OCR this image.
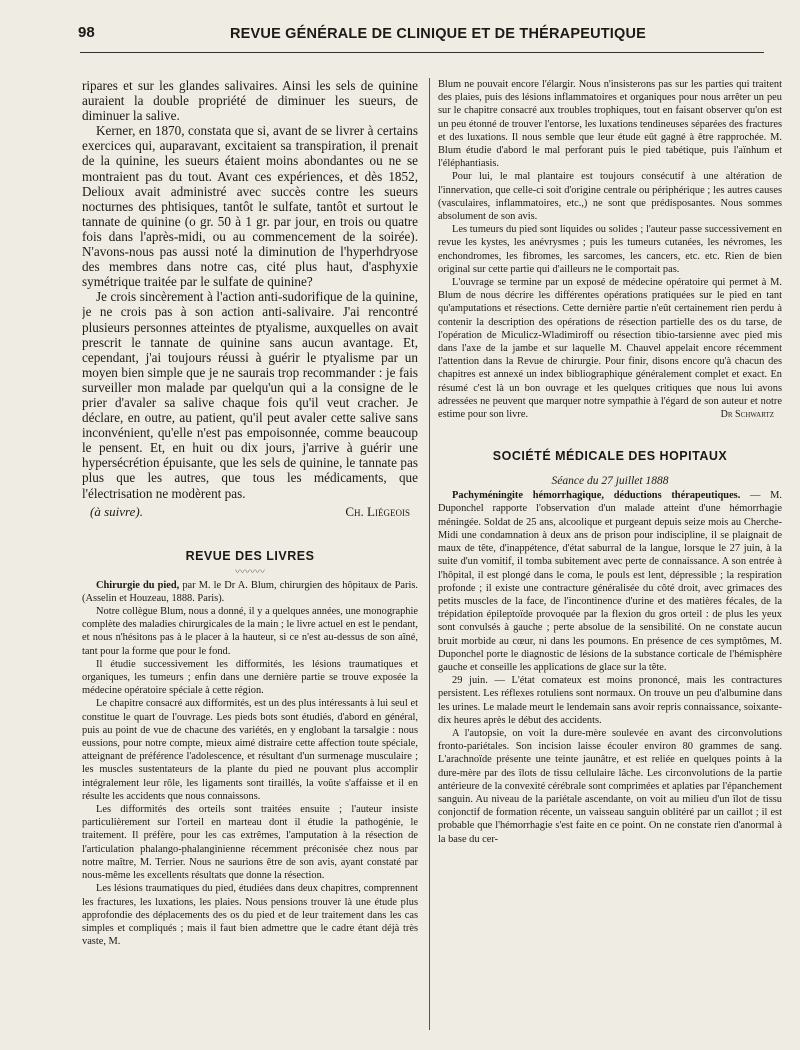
98	REVUE GÉNÉRALE DE CLINIQUE ET DE THÉRAPEUTIQUE

ripares et sur les glandes salivaires. Ainsi les sels de quinine auraient la double propriété de diminuer les sueurs, de diminuer la salive.

Kerner, en 1870, constata que si, avant de se livrer à certains exercices qui, auparavant, excitaient sa transpiration, il prenait de la quinine, les sueurs étaient moins abondantes ou ne se montraient pas du tout. Avant ces expériences, et dès 1852, Delioux avait administré avec succès contre les sueurs nocturnes des phtisiques, tantôt le sulfate, tantôt et surtout le tannate de quinine (o gr. 50 à 1 gr. par jour, en trois ou quatre fois dans l'après-midi, ou au commencement de la soirée). N'avons-nous pas aussi noté la diminution de l'hyperhdryose des membres dans notre cas, cité plus haut, d'asphyxie symétrique traitée par le sulfate de quinine?

Je crois sincèrement à l'action anti-sudorifique de la quinine, je ne crois pas à son action anti-salivaire. J'ai rencontré plusieurs personnes atteintes de ptyalisme, auxquelles on avait prescrit le tannate de quinine sans aucun avantage. Et, cependant, j'ai toujours réussi à guérir le ptyalisme par un moyen bien simple que je ne saurais trop recommander : je fais surveiller mon malade par quelqu'un qui a la consigne de le prier d'avaler sa salive chaque fois qu'il veut cracher. Je déclare, en outre, au patient, qu'il peut avaler cette salive sans inconvénient, qu'elle n'est pas empoisonnée, comme beaucoup le pensent. Et, en huit ou dix jours, j'arrive à guérir une hypersécrétion épuisante, que les sels de quinine, le tannate pas plus que les autres, que tous les médicaments, que l'électrisation ne modèrent pas.

(à suivre).	Ch. Liégeois
REVUE DES LIVRES
〰〰〰

Chirurgie du pied, par M. le Dr A. Blum, chirurgien des hôpitaux de Paris. (Asselin et Houzeau, 1888. Paris).

Notre collègue Blum, nous a donné, il y a quelques années, une monographie complète des maladies chirurgicales de la main ; le livre actuel en est le pendant, et nous n'hésitons pas à le placer à la hauteur, si ce n'est au-dessus de son aîné, tant pour la forme que pour le fond.

Il étudie successivement les difformités, les lésions traumatiques et organiques, les tumeurs ; enfin dans une dernière partie se trouve exposée la médecine opératoire spéciale à cette région.

Le chapitre consacré aux difformités, est un des plus intéressants à lui seul et constitue le quart de l'ouvrage. Les pieds bots sont étudiés, d'abord en général, puis au point de vue de chacune des variétés, en y englobant la tarsalgie : nous eussions, pour notre compte, mieux aimé distraire cette affection toute spéciale, atteignant de préférence l'adolescence, et résultant d'un surmenage musculaire ; les muscles sustentateurs de la plante du pied ne pouvant plus accomplir intégralement leur rôle, les ligaments sont tiraillés, la voûte s'affaisse et il en résulte les accidents que nous connaissons.

Les difformités des orteils sont traitées ensuite ; l'auteur insiste particulièrement sur l'orteil en marteau dont il étudie la pathogénie, le traitement. Il préfère, pour les cas extrêmes, l'amputation à la résection de l'articulation phalango-phalanginienne récemment préconisée chez nous par notre maître, M. Terrier. Nous ne saurions être de son avis, ayant constaté par nous-même les excellents résultats que donne la résection.

Les lésions traumatiques du pied, étudiées dans deux chapitres, comprennent les fractures, les luxations, les plaies. Nous pensions trouver là une étude plus approfondie des déplacements des os du pied et de leur traitement dans les cas simples et compliqués ; mais il faut bien admettre que le cadre étant déjà très vaste, M.

Blum ne pouvait encore l'élargir. Nous n'insisterons pas sur les parties qui traitent des plaies, puis des lésions inflammatoires et organiques pour nous arrêter un peu sur le chapitre consacré aux troubles trophiques, tout en faisant observer qu'on est un peu étonné de trouver l'entorse, les luxations tendineuses séparées des fractures et des luxations. Il nous semble que leur étude eût gagné à être rapprochée. M. Blum étudie d'abord le mal perforant puis le pied tabétique, puis l'aïnhum et l'éléphantiasis.

Pour lui, le mal plantaire est toujours consécutif à une altération de l'innervation, que celle-ci soit d'origine centrale ou périphérique ; les autres causes (vasculaires, inflammatoires, etc.,) ne sont que prédisposantes. Nous sommes absolument de son avis.

Les tumeurs du pied sont liquides ou solides ; l'auteur passe successivement en revue les kystes, les anévrysmes ; puis les tumeurs cutanées, les névromes, les enchondromes, les fibromes, les sarcomes, les cancers, etc. etc. Rien de bien original sur cette partie qui d'ailleurs ne le comportait pas.

L'ouvrage se termine par un exposé de médecine opératoire qui permet à M. Blum de nous décrire les différentes opérations pratiquées sur le pied en tant qu'amputations et résections. Cette dernière partie n'eût certainement rien perdu à contenir la description des opérations de résection partielle des os du tarse, de l'opération de Miculicz-Wladimiroff ou résection tibio-tarsienne avec pied mis dans l'axe de la jambe et sur laquelle M. Chauvel appelait encore récemment l'attention dans la Revue de chirurgie. Pour finir, disons encore qu'à chacun des chapitres est annexé un index bibliographique généralement complet et exact. En résumé c'est là un bon ouvrage et les quelques critiques que nous lui avons adressées ne peuvent que marquer notre sympathie à l'égard de son auteur et notre estime pour son livre.	Dr Schwartz
SOCIÉTÉ MÉDICALE DES HOPITAUX
Séance du 27 juillet 1888

Pachyméningite hémorrhagique, déductions thérapeutiques. — M. Duponchel rapporte l'observation d'un malade atteint d'une hémorrhagie méningée. Soldat de 25 ans, alcoolique et purgeant depuis seize mois au Cherche-Midi une condamnation à deux ans de prison pour indiscipline, il se plaignait de maux de tête, d'inappétence, d'état saburral de la langue, lorsque le 27 juin, à la suite d'un vomitif, il tomba subitement avec perte de connaissance. A son entrée à l'hôpital, il est plongé dans le coma, le pouls est lent, dépressible ; la respiration profonde ; il existe une contracture généralisée du côté droit, avec grimaces des petits muscles de la face, de l'incontinence d'urine et des matières fécales, de la trépidation épileptoïde provoquée par la flexion du gros orteil : de plus les yeux sont convulsés à gauche ; perte absolue de la sensibilité. On ne constate aucun bruit morbide au cœur, ni dans les poumons. En présence de ces symptômes, M. Duponchel porte le diagnostic de lésions de la substance corticale de l'hémisphère gauche et conseille les applications de glace sur la tête.

29 juin. — L'état comateux est moins prononcé, mais les contractures persistent. Les réflexes rotuliens sont normaux. On trouve un peu d'albumine dans les urines. Le malade meurt le lendemain sans avoir repris connaissance, soixante-dix heures après le début des accidents.

A l'autopsie, on voit la dure-mère soulevée en avant des circonvolutions fronto-pariétales. Son incision laisse écouler environ 80 grammes de sang. L'arachnoïde présente une teinte jaunâtre, et est reliée en quelques points à la dure-mère par des îlots de tissu cellulaire lâche. Les circonvolutions de la partie antérieure de la convexité cérébrale sont comprimées et aplaties par l'épanchement sanguin. Au niveau de la pariétale ascendante, on voit au milieu d'un îlot de tissu conjonctif de formation récente, un vaisseau sanguin oblitéré par un caillot ; il est probable que l'hémorrhagie s'est faite en ce point. On ne constate rien d'anormal à la base du cer-
